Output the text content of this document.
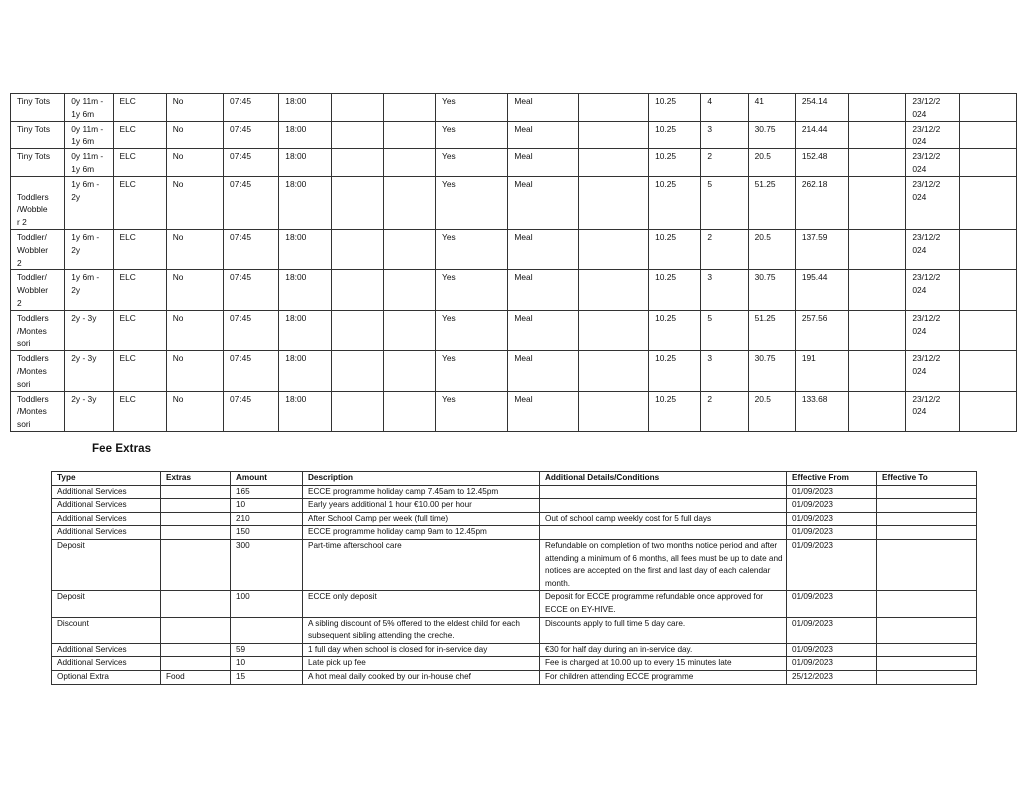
Tiny Tots	0y 11m - 1y 6m	ELC	No	07:45	18:00			Yes	Meal		10.25	4	41	254.14		23/12/2
024	
Tiny Tots	0y 11m - 1y 6m	ELC	No	07:45	18:00			Yes	Meal		10.25	3	30.75	214.44		23/12/2
024	
Tiny Tots	0y 11m - 1y 6m	ELC	No	07:45	18:00			Yes	Meal		10.25	2	20.5	152.48		23/12/2
024	

Toddlers
/Wobble
r 2	1y 6m - 2y	ELC	No	07:45	18:00			Yes	Meal		10.25	5	51.25	262.18		23/12/2
024	
Toddler/
Wobbler
2	1y 6m - 2y	ELC	No	07:45	18:00			Yes	Meal		10.25	2	20.5	137.59		23/12/2
024	
Toddler/
Wobbler
2	1y 6m - 2y	ELC	No	07:45	18:00			Yes	Meal		10.25	3	30.75	195.44		23/12/2
024	
Toddlers
/Montes
sori	2y - 3y	ELC	No	07:45	18:00			Yes	Meal		10.25	5	51.25	257.56		23/12/2
024	
Toddlers
/Montes
sori	2y - 3y	ELC	No	07:45	18:00			Yes	Meal		10.25	3	30.75	191		23/12/2
024	
Toddlers
/Montes
sori	2y - 3y	ELC	No	07:45	18:00			Yes	Meal		10.25	2	20.5	133.68		23/12/2
024	
Fee Extras
Type	Extras	Amount	Description	Additional Details/Conditions	Effective From	Effective To
Additional Services		165	ECCE programme holiday camp 7.45am to 12.45pm		01/09/2023	
Additional Services		10	Early years additional 1 hour €10.00 per hour		01/09/2023	
Additional Services		210	After School Camp per week (full time)	Out of school camp weekly cost for 5 full days	01/09/2023	
Additional Services		150	ECCE programme holiday camp 9am to 12.45pm		01/09/2023	
Deposit		300	Part-time afterschool care	Refundable on completion of two months notice period and after attending a minimum of 6 months, all fees must be up to date and notices are accepted on the first and last day of each calendar month.	01/09/2023	
Deposit		100	ECCE only deposit	Deposit for ECCE programme refundable once approved for ECCE on EY-HIVE.	01/09/2023	
Discount			A sibling discount of 5% offered to the eldest child for each subsequent sibling attending the creche.	Discounts apply to full time 5 day care.	01/09/2023	
Additional Services		59	1 full day when school is closed for in-service day	€30 for half day during an in-service day.	01/09/2023	
Additional Services		10	Late pick up fee	Fee is charged at 10.00 up to every 15 minutes late	01/09/2023	
Optional Extra	Food	15	A hot meal daily cooked by our in-house chef	For children attending ECCE programme	25/12/2023	
